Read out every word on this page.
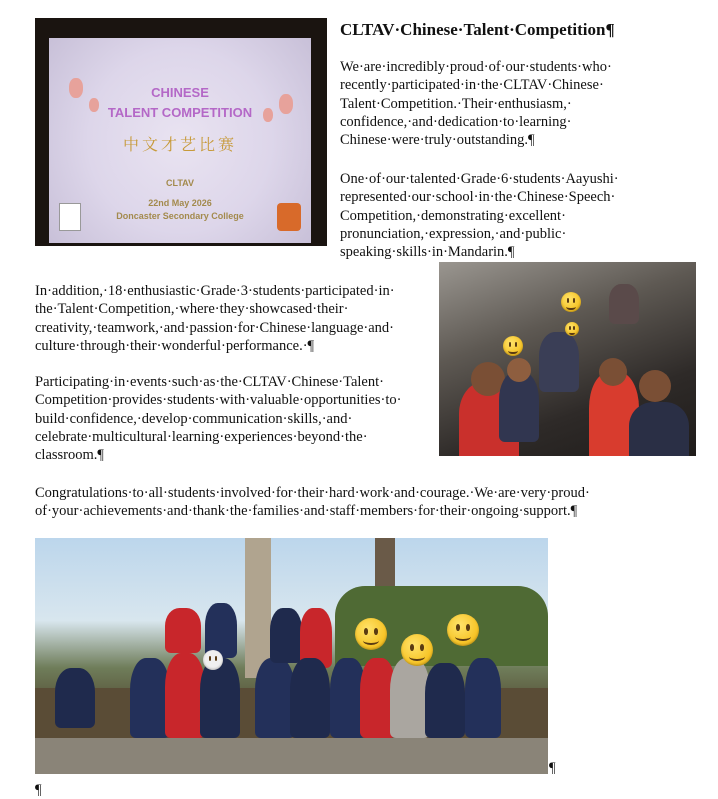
CHINESE
TALENT COMPETITION
中文才艺比赛
CLTAV
22nd May 2026
Doncaster Secondary College
CLTAV·Chinese·Talent·Competition¶

We·are·incredibly·proud·of·our·students·who· recently·participated·in·the·CLTAV·Chinese· Talent·Competition.·Their·enthusiasm,· confidence,·and·dedication·to·learning· Chinese·were·truly·outstanding.¶

One·of·our·talented·Grade·6·students·Aayushi· represented·our·school·in·the·Chinese·Speech· Competition,·demonstrating·excellent· pronunciation,·expression,·and·public· speaking·skills·in·Mandarin.¶

In·addition,·18·enthusiastic·Grade·3·students·participated·in· the·Talent·Competition,·where·they·showcased·their· creativity,·teamwork,·and·passion·for·Chinese·language·and· culture·through·their·wonderful·performance.·¶

Participating·in·events·such·as·the·CLTAV·Chinese·Talent· Competition·provides·students·with·valuable·opportunities·to· build·confidence,·develop·communication·skills,·and· celebrate·multicultural·learning·experiences·beyond·the· classroom.¶

Congratulations·to·all·students·involved·for·their·hard·work·and·courage.·We·are·very·proud· of·your·achievements·and·thank·the·families·and·staff·members·for·their·ongoing·support.¶

¶
¶
